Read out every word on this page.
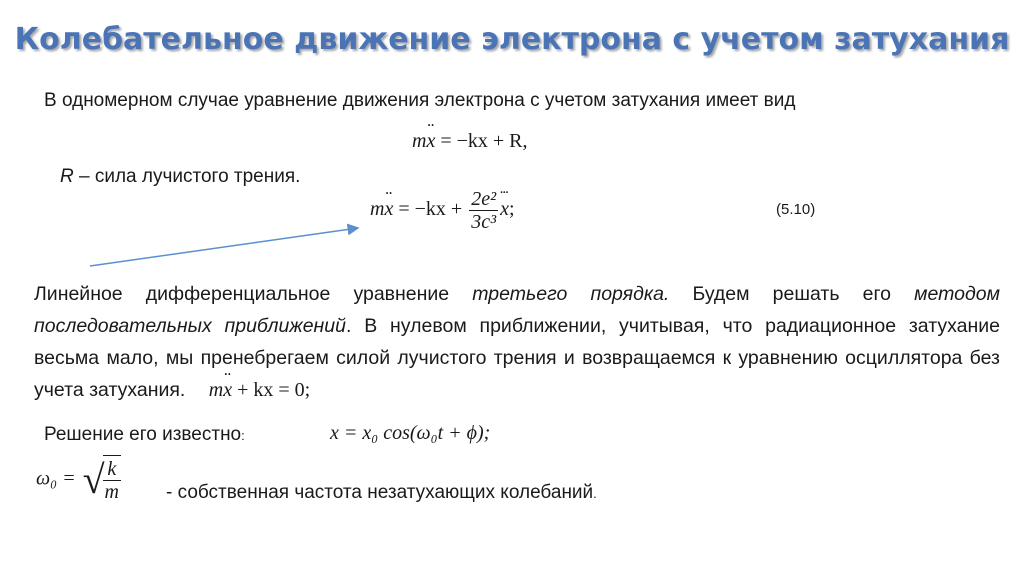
Колебательное движение электрона с учетом затухания
В одномерном случае уравнение движения электрона с учетом затухания имеет вид
m¨ x = −kx + R,
R – сила лучистого трения.
m¨ $x = -kx + \frac{\text{2e²}}{\text{3c³}}$
⋅⋅⋅ x;	(5.10)
Линейное дифференциальное уравнение третьего порядка. Будем решать его методом последовательных приближений. В нулевом приближении, учитывая, что радиационное затухание весьма мало, мы пренебрегаем силой лучистого трения и возвращаемся к уравнению осциллятора без учета затухания. m¨ x + kx = 0;
Решение его известно:	x = x₀ cos(ω₀t + ϕ);
ω₀ = √
$\frac{k}{m}$ - собственная частота незатухающих колебаний.
